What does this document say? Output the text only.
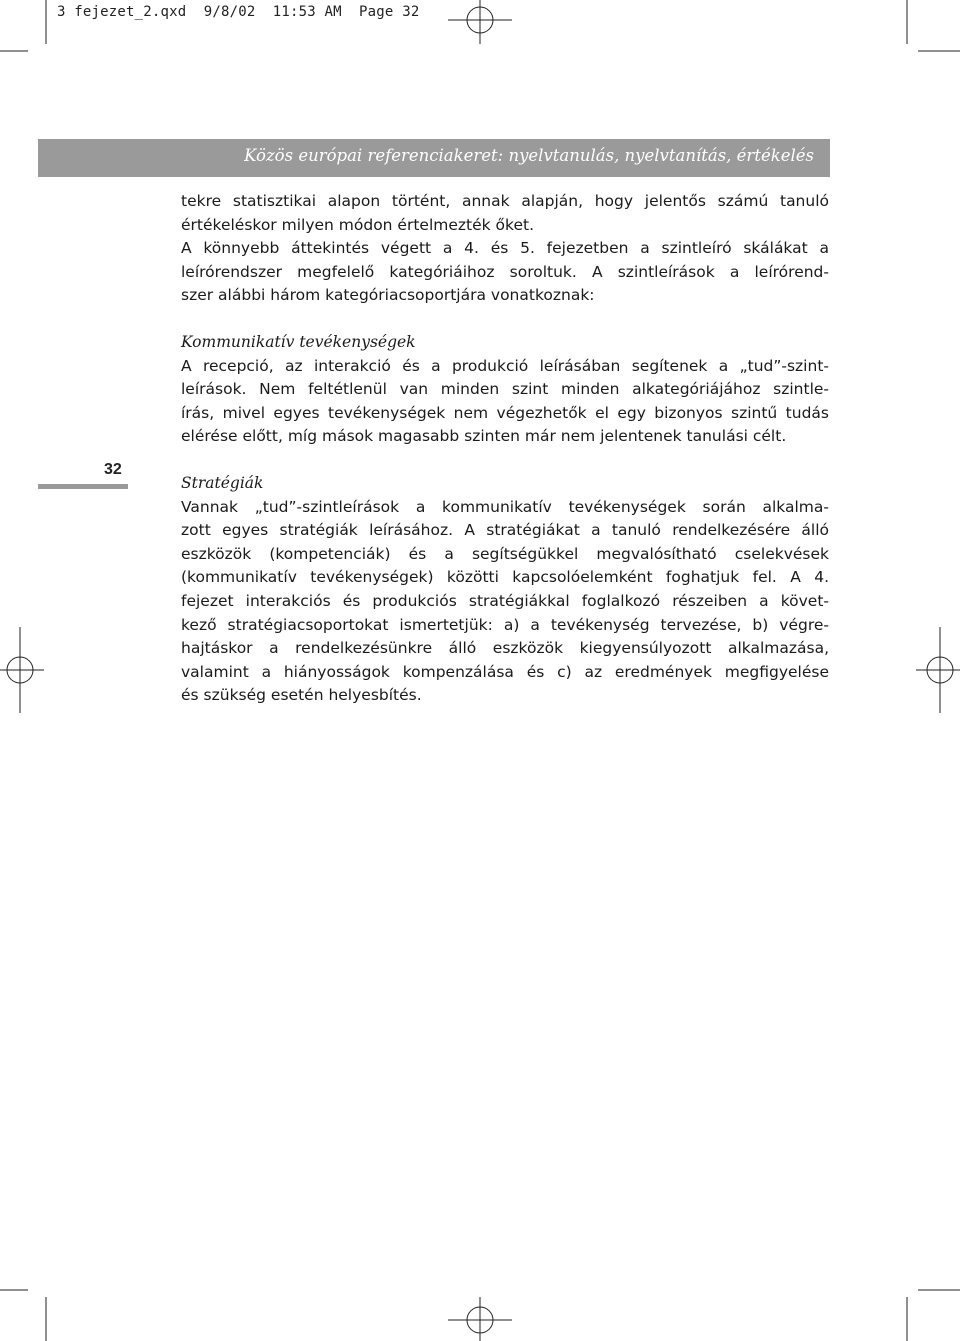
3 fejezet_2.qxd 9/8/02 11:53 AM Page 32
Közös európai referenciakeret: nyelvtanulás, nyelvtanítás, értékelés
32
tekre statisztikai alapon történt, annak alapján, hogy jelentős számú tanuló
értékeléskor milyen módon értelmezték őket.
A könnyebb áttekintés végett a 4. és 5. fejezetben a szintleíró skálákat a
leírórendszer megfelelő kategóriáihoz soroltuk. A szintleírások a leírórend-
szer alábbi három kategóriacsoportjára vonatkoznak:
Kommunikatív tevékenységek
A recepció, az interakció és a produkció leírásában segítenek a „tud”-szint-
leírások. Nem feltétlenül van minden szint minden alkategóriájához szintle-
írás, mivel egyes tevékenységek nem végezhetők el egy bizonyos szintű tudás
elérése előtt, míg mások magasabb szinten már nem jelentenek tanulási célt.
Stratégiák
Vannak „tud”-szintleírások a kommunikatív tevékenységek során alkalma-
zott egyes stratégiák leírásához. A stratégiákat a tanuló rendelkezésére álló
eszközök (kompetenciák) és a segítségükkel megvalósítható cselekvések
(kommunikatív tevékenységek) közötti kapcsolóelemként foghatjuk fel. A 4.
fejezet interakciós és produkciós stratégiákkal foglalkozó részeiben a követ-
kező stratégiacsoportokat ismertetjük: a) a tevékenység tervezése, b) végre-
hajtáskor a rendelkezésünkre álló eszközök kiegyensúlyozott alkalmazása,
valamint a hiányosságok kompenzálása és c) az eredmények megfigyelése
és szükség esetén helyesbítés.
